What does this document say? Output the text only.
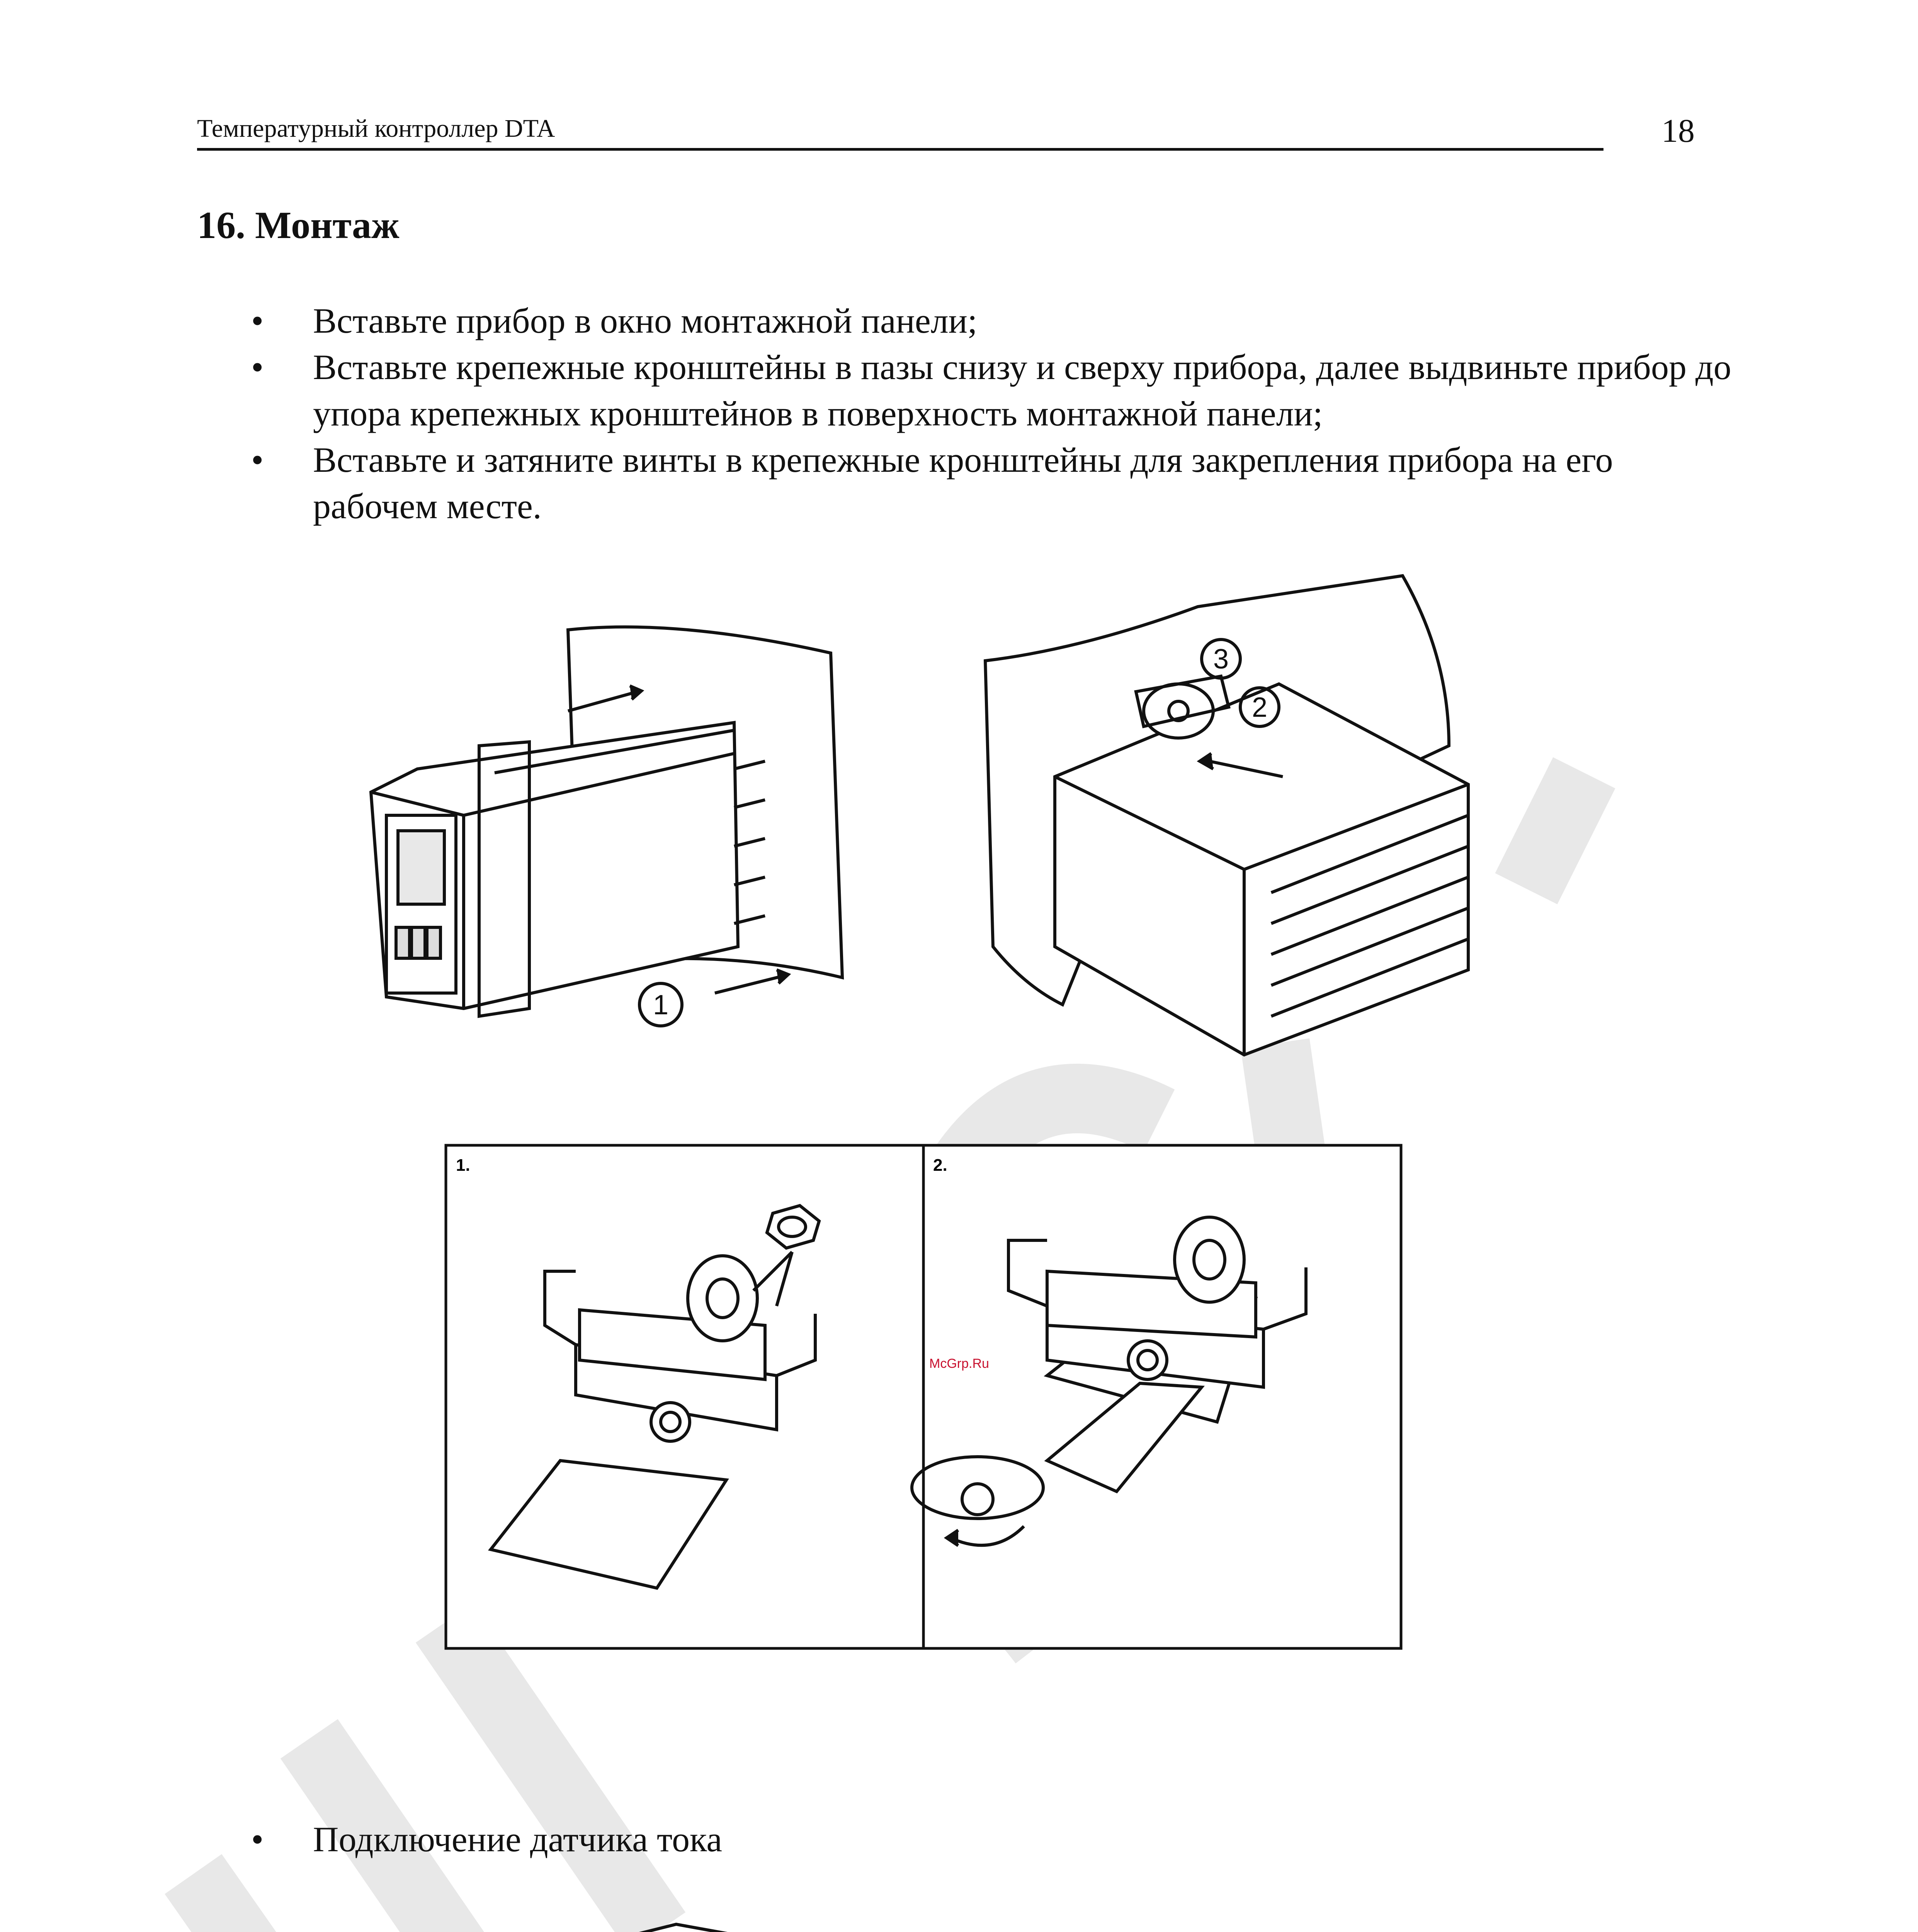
Температурный контроллер DTA	18
16. Монтаж
• Вставьте прибор в окно монтажной панели;
• Вставьте крепежные кронштейны в пазы снизу и сверху прибора, далее выдвиньте прибор до упора крепежных кронштейнов в поверхность монтажной панели;
• Вставьте и затяните винты в крепежные кронштейны для закрепления прибора на его рабочем месте.
1
2
3
1.	2.
McGrp.Ru
• Подключение датчика тока
